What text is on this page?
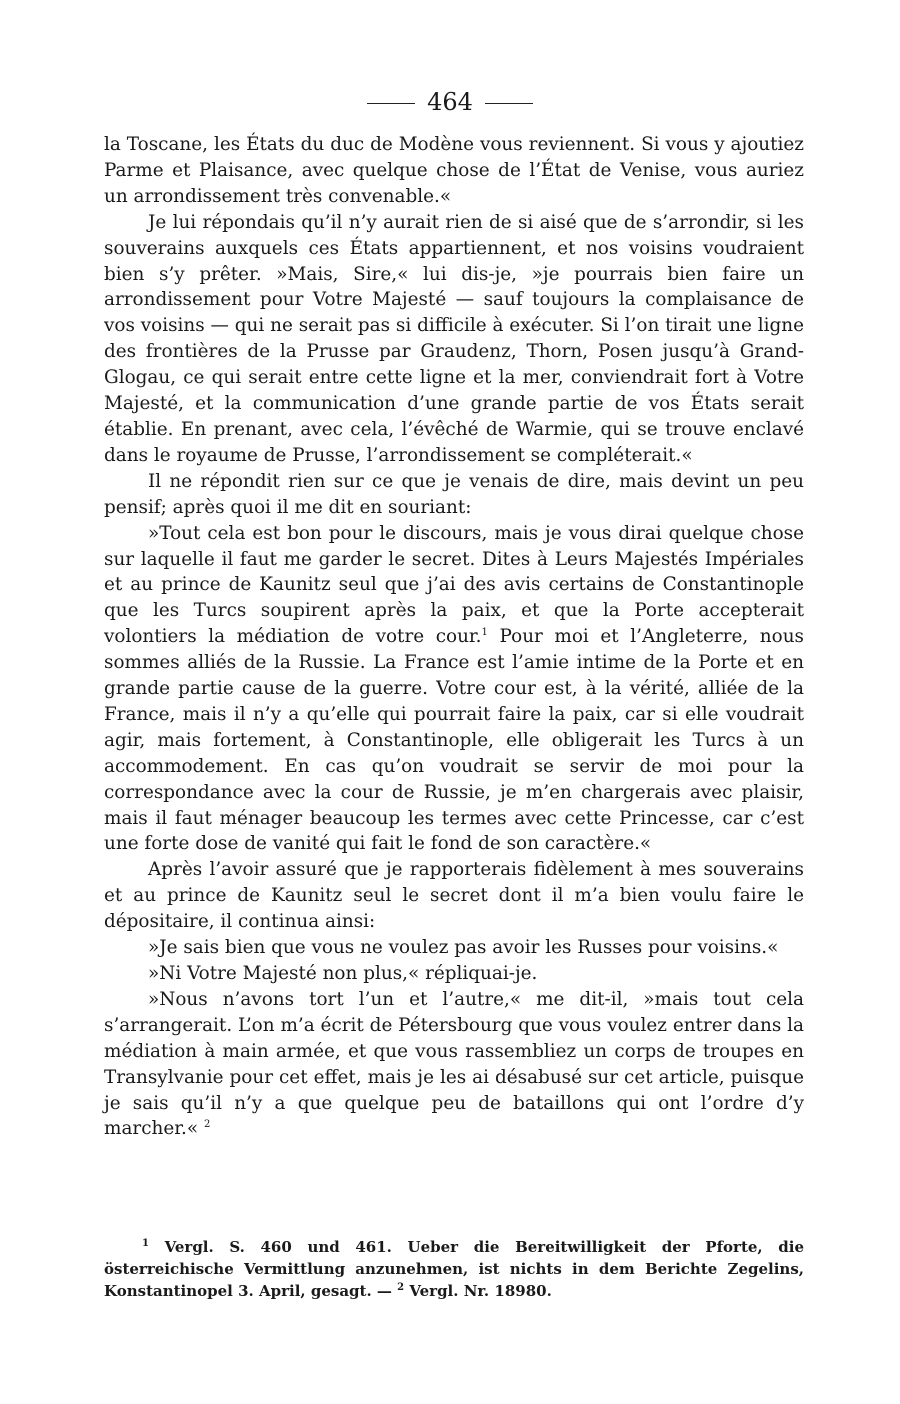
464

la Toscane, les États du duc de Modène vous reviennent. Si vous y ajoutiez Parme et Plaisance, avec quelque chose de l’État de Venise, vous auriez un arrondissement très convenable.«

Je lui répondais qu’il n’y aurait rien de si aisé que de s’arrondir, si les souverains auxquels ces États appartiennent, et nos voisins voudraient bien s’y prêter. »Mais, Sire,« lui dis-je, »je pourrais bien faire un arrondissement pour Votre Majesté — sauf toujours la complaisance de vos voisins — qui ne serait pas si difficile à exécuter. Si l’on tirait une ligne des frontières de la Prusse par Graudenz, Thorn, Posen jusqu’à Grand-Glogau, ce qui serait entre cette ligne et la mer, conviendrait fort à Votre Majesté, et la communication d’une grande partie de vos États serait établie. En prenant, avec cela, l’évêché de Warmie, qui se trouve enclavé dans le royaume de Prusse, l’arrondissement se compléterait.«

Il ne répondit rien sur ce que je venais de dire, mais devint un peu pensif; après quoi il me dit en souriant:

»Tout cela est bon pour le discours, mais je vous dirai quelque chose sur laquelle il faut me garder le secret. Dites à Leurs Majestés Impériales et au prince de Kaunitz seul que j’ai des avis certains de Constantinople que les Turcs soupirent après la paix, et que la Porte accepterait volontiers la médiation de votre cour.$^1$ Pour moi et l’Angleterre, nous sommes alliés de la Russie. La France est l’amie intime de la Porte et en grande partie cause de la guerre. Votre cour est, à la vérité, alliée de la France, mais il n’y a qu’elle qui pourrait faire la paix, car si elle voudrait agir, mais fortement, à Constantinople, elle obligerait les Turcs à un accommodement. En cas qu’on voudrait se servir de moi pour la correspondance avec la cour de Russie, je m’en chargerais avec plaisir, mais il faut ménager beaucoup les termes avec cette Princesse, car c’est une forte dose de vanité qui fait le fond de son caractère.«

Après l’avoir assuré que je rapporterais fidèlement à mes souverains et au prince de Kaunitz seul le secret dont il m’a bien voulu faire le dépositaire, il continua ainsi:

»Je sais bien que vous ne voulez pas avoir les Russes pour voisins.«

»Ni Votre Majesté non plus,« répliquai-je.

»Nous n’avons tort l’un et l’autre,« me dit-il, »mais tout cela s’arrangerait. L’on m’a écrit de Pétersbourg que vous voulez entrer dans la médiation à main armée, et que vous rassembliez un corps de troupes en Transylvanie pour cet effet, mais je les ai désabusé sur cet article, puisque je sais qu’il n’y a que quelque peu de bataillons qui ont l’ordre d’y marcher.« $^2$

$^1$ Vergl. S. 460 und 461. Ueber die Bereitwilligkeit der Pforte, die österreichische Vermittlung anzunehmen, ist nichts in dem Berichte Zegelins, Konstantinopel 3. April, gesagt. — $^2$ Vergl. Nr. 18980.
